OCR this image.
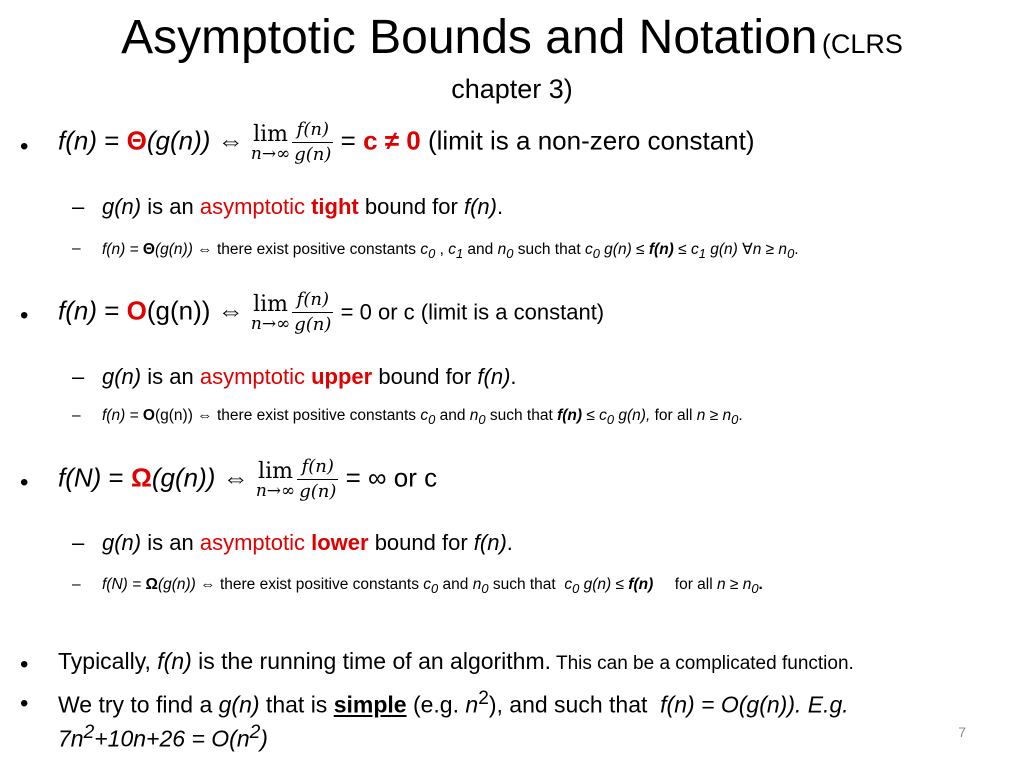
Asymptotic Bounds and Notation (CLRS
chapter 3)
• f(n) = Θ(g(n)) ⇔ lim
$n\to\infty \frac{f(n)}{g(n)} = c \ne 0$ (limit is a non-zero constant)
– g(n) is an asymptotic tight bound for f(n).
– f(n) = Θ(g(n)) ⇔ there exist positive constants $c_0$ , $c_1$ and $n_0$ such that $c_0$ $g(n) \le f(n) \le c_1$ g(n) ∀n ≥ $n_0$.
• f(n) = O(g(n)) ⇔ lim
$n\to\infty \frac{f(n)}{g(n)} = 0$ or c (limit is a constant)
– g(n) is an asymptotic upper bound for f(n).
– f(n) = O(g(n)) ⇔ there exist positive constants $c_0$ and $n_0$ such that $f(n) \le c_0$ g(n), for all $n \ge n_0$.
• f(N) = Ω(g(n)) ⇔ lim
$n\to\infty \frac{f(n)}{g(n)}$ = ∞ or c
– g(n) is an asymptotic lower bound for f(n).
– f(N) = Ω(g(n)) ⇔ there exist positive constants $c_0$ and $n_0$ such that  $c_0$ g(n) ≤ f(n)     for all $n \ge n_0$.
• Typically, f(n) is the running time of an algorithm. This can be a complicated function.
• We try to find a g(n) that is simple (e.g. $n^2$), and such that  f(n) = O(g(n)). E.g.
$7n^2+10n+26 = O(n^2)$	7
